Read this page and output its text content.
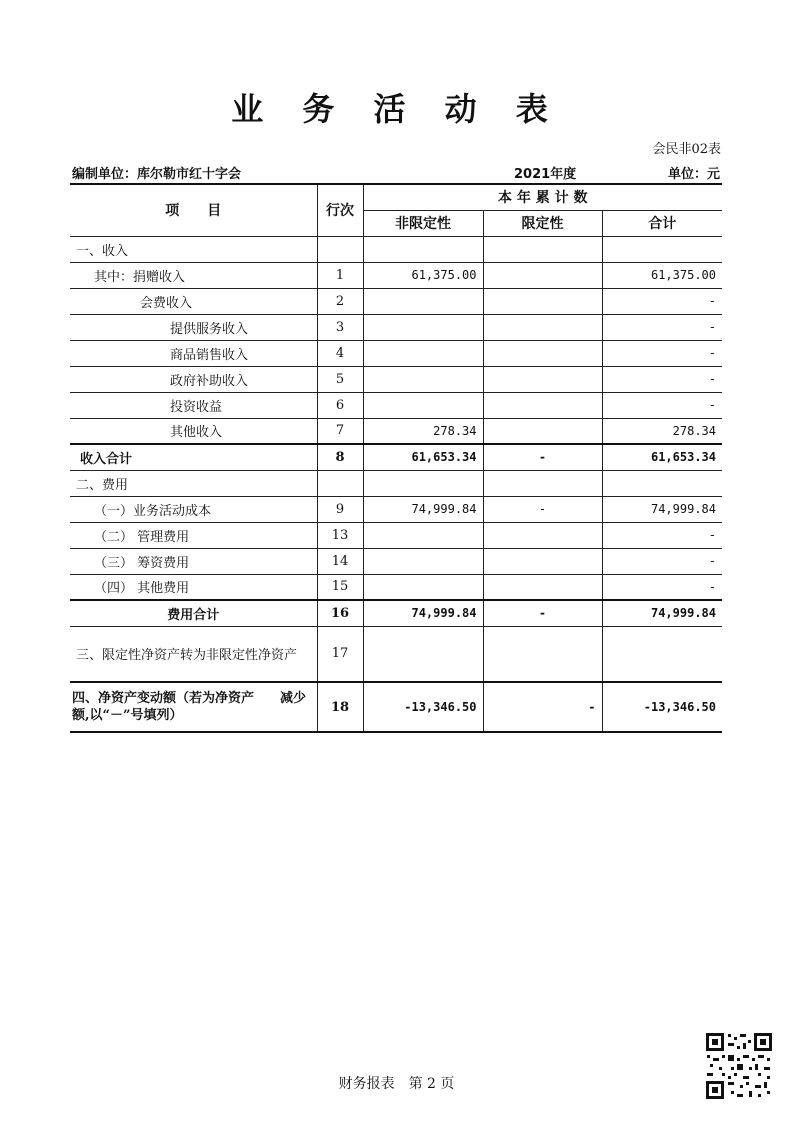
业 务 活 动 表
会民非02表
编制单位：库尔勒市红十字会	2021年度	单位：元
项　　目	行次	本 年 累 计 数		
		非限定性	限定性	合计
一、收入				
其中：捐赠收入	1	61,375.00		61,375.00
会费收入	2			-
提供服务收入	3			-
商品销售收入	4			-
政府补助收入	5			-
投资收益	6			-
其他收入	7	278.34		278.34
收入合计	8	61,653.34	-	61,653.34
二、费用				
（一）业务活动成本	9	74,999.84	-	74,999.84
（二） 管理费用	13			-
（三） 筹资费用	14			-
（四） 其他费用	15			-
费用合计	16	74,999.84	-	74,999.84
三、限定性净资产转为非限定性净资产	17			
四、净资产变动额（若为净资产　　减少额,以“－”号填列）	18	-13,346.50	-	-13,346.50
财务报表　第 2 页
